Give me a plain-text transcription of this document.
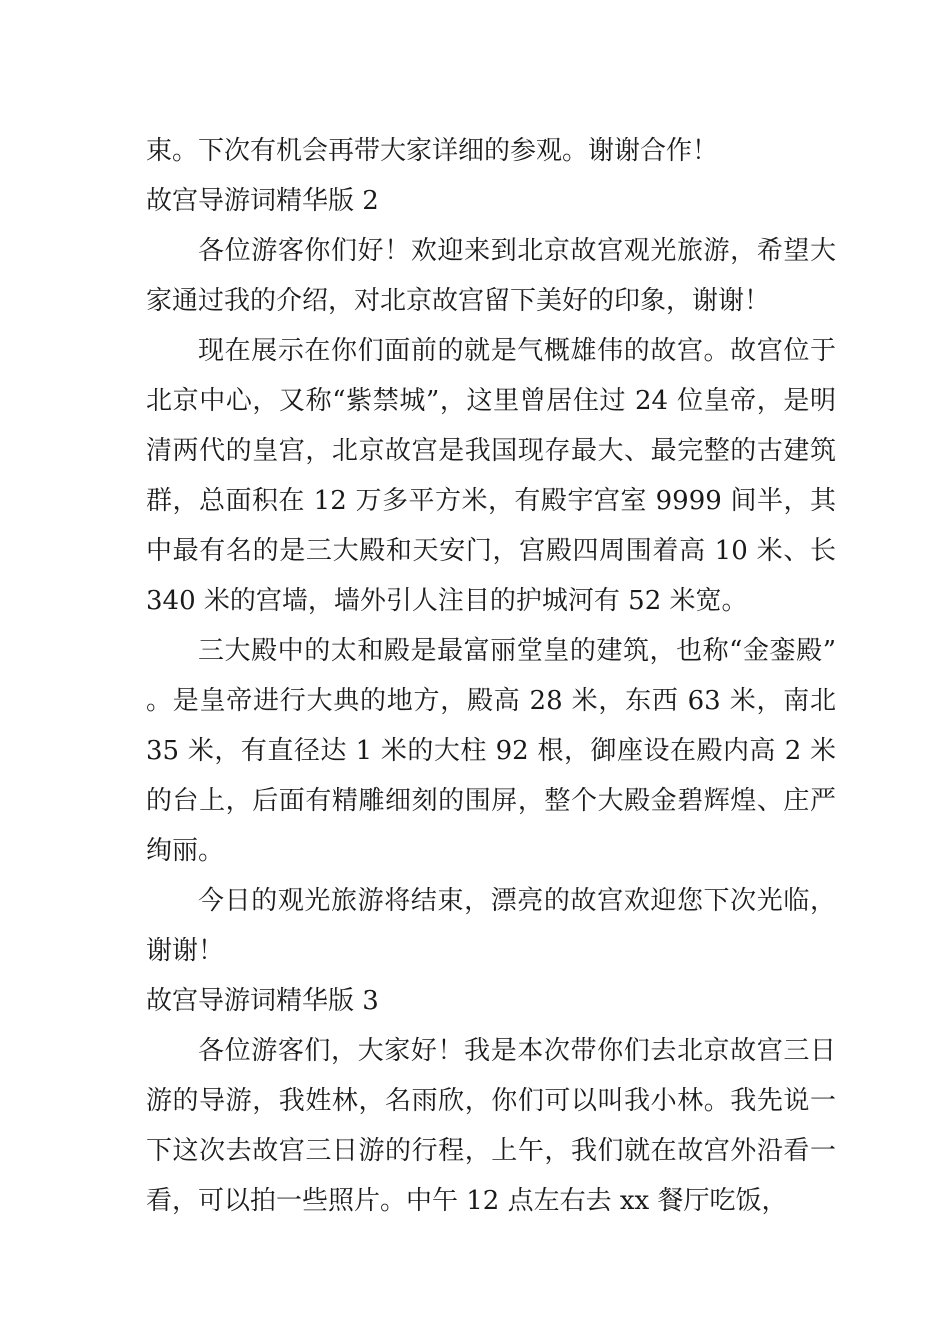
束。下次有机会再带大家详细的参观。谢谢合作！

故宫导游词精华版 2

各位游客你们好！欢迎来到北京故宫观光旅游，希望大家通过我的介绍，对北京故宫留下美好的印象，谢谢！

现在展示在你们面前的就是气概雄伟的故宫。故宫位于北京中心，又称“紫禁城”，这里曾居住过 24 位皇帝，是明清两代的皇宫，北京故宫是我国现存最大、最完整的古建筑群，总面积在 12 万多平方米，有殿宇宫室 9999 间半，其中最有名的是三大殿和天安门，宫殿四周围着高 10 米、长 340 米的宫墙，墙外引人注目的护城河有 52 米宽。

三大殿中的太和殿是最富丽堂皇的建筑，也称“金銮殿”。是皇帝进行大典的地方，殿高 28 米，东西 63 米，南北 35 米，有直径达 1 米的大柱 92 根，御座设在殿内高 2 米的台上，后面有精雕细刻的围屏，整个大殿金碧辉煌、庄严绚丽。

今日的观光旅游将结束，漂亮的故宫欢迎您下次光临，谢谢！

故宫导游词精华版 3

各位游客们，大家好！我是本次带你们去北京故宫三日游的导游，我姓林，名雨欣，你们可以叫我小林。我先说一下这次去故宫三日游的行程，上午，我们就在故宫外沿看一看，可以拍一些照片。中午 12 点左右去 xx 餐厅吃饭，
